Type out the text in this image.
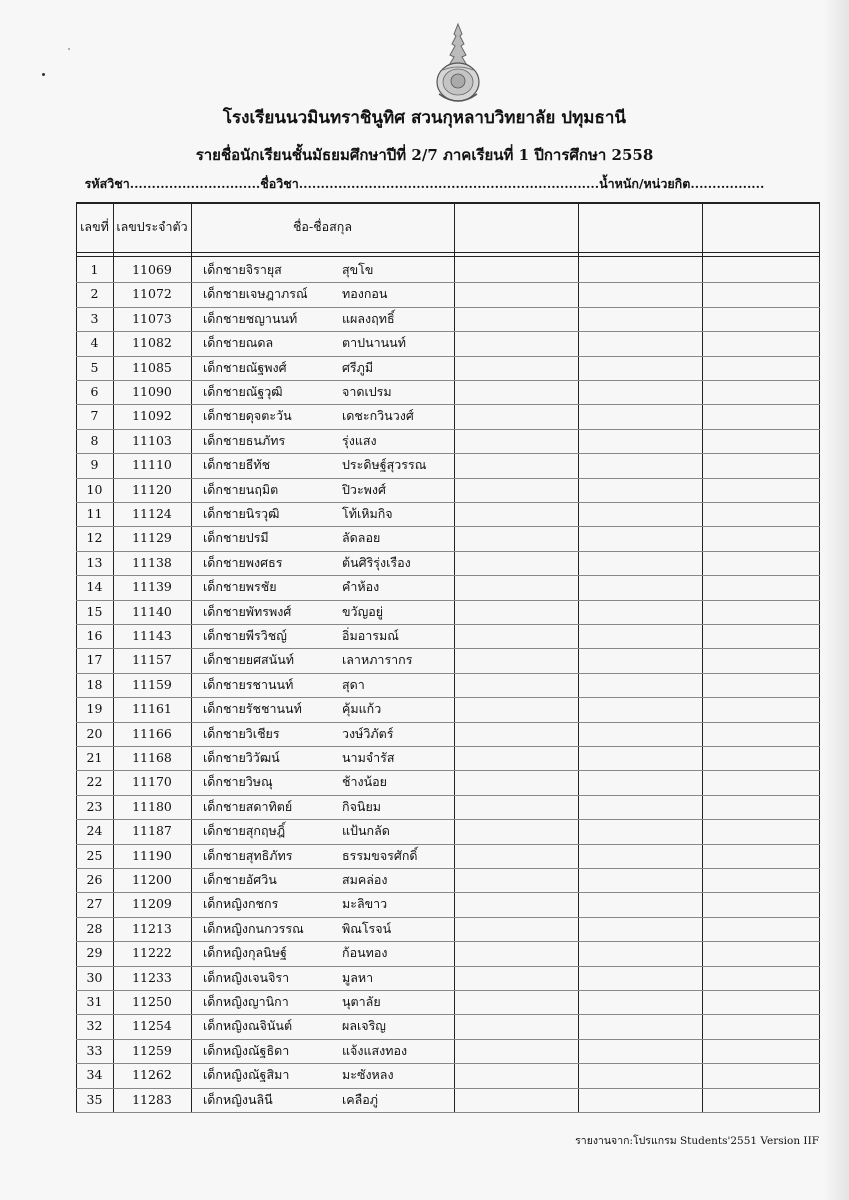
โรงเรียนนวมินทราชินูทิศ สวนกุหลาบวิทยาลัย ปทุมธานี
รายชื่อนักเรียนชั้นมัธยมศึกษาปีที่ 2/7 ภาคเรียนที่ 1 ปีการศึกษา 2558
รหัสวิชา..............................ชื่อวิชา.....................................................................น้ำหนัก/หน่วยกิต.................
เลขที่ เลขประจำตัว	ชื่อ-ชื่อสกุล
1	11069	เด็กชายจิรายุส	สุขโข
2	11072	เด็กชายเจษฎาภรณ์	ทองกอน
3	11073	เด็กชายชญานนท์	แผลงฤทธิ์
4	11082	เด็กชายณดล	ตาปนานนท์
5	11085	เด็กชายณัฐพงศ์	ศรีภูมี
6	11090	เด็กชายณัฐวุฒิ	จาดเปรม
7	11092	เด็กชายดุจตะวัน	เดชะกวินวงศ์
8	11103	เด็กชายธนภัทร	รุ่งแสง
9	11110	เด็กชายธีทัช	ประดิษฐ์สุวรรณ
10	11120	เด็กชายนฤมิต	ปิวะพงศ์
11	11124	เด็กชายนิรวุฒิ	โท้เหิมกิจ
12	11129	เด็กชายปรมี	ลัดลอย
13	11138	เด็กชายพงศธร	ต้นศิริรุ่งเรือง
14	11139	เด็กชายพรชัย	คำห้อง
15	11140	เด็กชายพัทรพงศ์	ขวัญอยู่
16	11143	เด็กชายพีรวิชญ์	อิ่มอารมณ์
17	11157	เด็กชายยศสนันท์	เลาหภารากร
18	11159	เด็กชายรชานนท์	สุดา
19	11161	เด็กชายรัชชานนท์	คุ้มแก้ว
20	11166	เด็กชายวิเชียร	วงษ์วิภัตร์
21	11168	เด็กชายวิวัฒน์	นามจำรัส
22	11170	เด็กชายวิษณุ	ช้างน้อย
23	11180	เด็กชายสดาทิตย์	กิจนิยม
24	11187	เด็กชายสุกฤษฎิ์	แป้นกลัด
25	11190	เด็กชายสุทธิภัทร	ธรรมขจรศักดิ์
26	11200	เด็กชายอัศวิน	สมคล่อง
27	11209	เด็กหญิงกชกร	มะลิขาว
28	11213	เด็กหญิงกนกวรรณ	พิณโรจน์
29	11222	เด็กหญิงกุลนิษฐ์	ก้อนทอง
30	11233	เด็กหญิงเจนจิรา	มูลหา
31	11250	เด็กหญิงญานิกา	นุตาลัย
32	11254	เด็กหญิงณจินันต์	ผลเจริญ
33	11259	เด็กหญิงณัฐธิดา	แจ้งแสงทอง
34	11262	เด็กหญิงณัฐสิมา	มะซังหลง
35	11283	เด็กหญิงนลินี	เคลือภู่
รายงานจาก:โปรแกรม Students'2551 Version IIF
